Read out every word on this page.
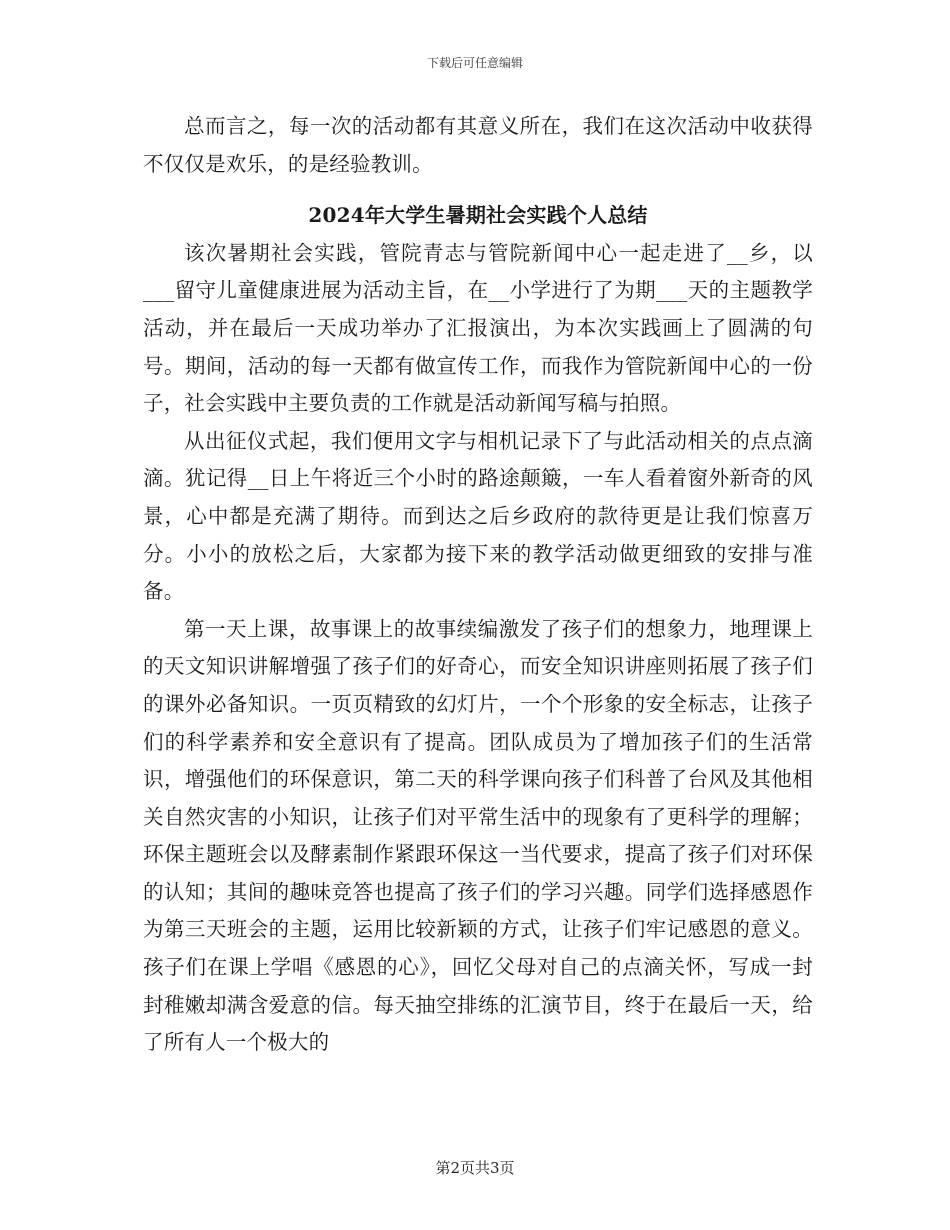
下载后可任意编辑

总而言之，每一次的活动都有其意义所在，我们在这次活动中收获得不仅仅是欢乐，的是经验教训。

2024年大学生暑期社会实践个人总结

该次暑期社会实践，管院青志与管院新闻中心一起走进了__乡，以___留守儿童健康进展为活动主旨，在__小学进行了为期___天的主题教学活动，并在最后一天成功举办了汇报演出，为本次实践画上了圆满的句号。期间，活动的每一天都有做宣传工作，而我作为管院新闻中心的一份子，社会实践中主要负责的工作就是活动新闻写稿与拍照。

从出征仪式起，我们便用文字与相机记录下了与此活动相关的点点滴滴。犹记得__日上午将近三个小时的路途颠簸，一车人看着窗外新奇的风景，心中都是充满了期待。而到达之后乡政府的款待更是让我们惊喜万分。小小的放松之后，大家都为接下来的教学活动做更细致的安排与准备。

第一天上课，故事课上的故事续编激发了孩子们的想象力，地理课上的天文知识讲解增强了孩子们的好奇心，而安全知识讲座则拓展了孩子们的课外必备知识。一页页精致的幻灯片，一个个形象的安全标志，让孩子们的科学素养和安全意识有了提高。团队成员为了增加孩子们的生活常识，增强他们的环保意识，第二天的科学课向孩子们科普了台风及其他相关自然灾害的小知识，让孩子们对平常生活中的现象有了更科学的理解；环保主题班会以及酵素制作紧跟环保这一当代要求，提高了孩子们对环保的认知；其间的趣味竞答也提高了孩子们的学习兴趣。同学们选择感恩作为第三天班会的主题，运用比较新颖的方式，让孩子们牢记感恩的意义。孩子们在课上学唱《感恩的心》，回忆父母对自己的点滴关怀，写成一封封稚嫩却满含爱意的信。每天抽空排练的汇演节目，终于在最后一天，给了所有人一个极大的

第2页共3页
